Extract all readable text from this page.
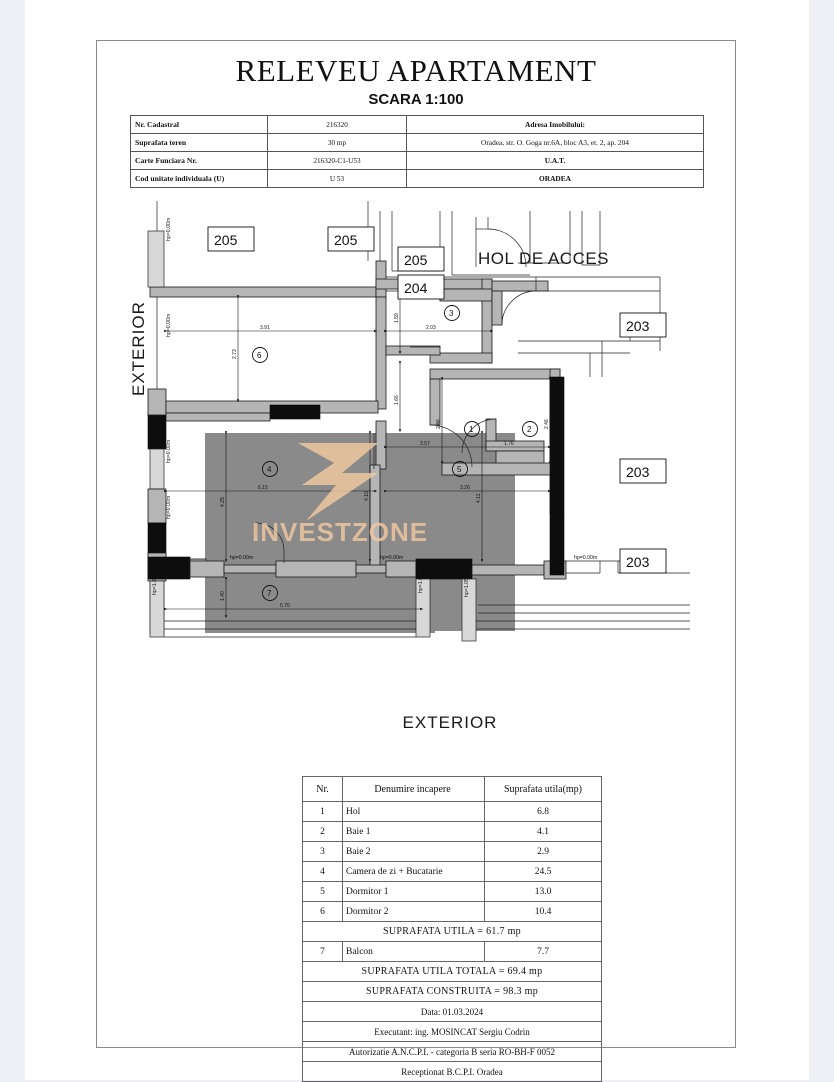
RELEVEU APARTAMENT
SCARA 1:100
Nr. Cadastral	216320	Adresa Imobilului:
Suprafata teren	30 mp	Oradea, str. O. Goga nr.6A, bloc A3, et. 2, ap. 204
Carte Funciara Nr.	216320-C1-U53	U.A.T.
Cod unitate individuala (U)	U 53	ORADEA
EXTERIOR
EXTERIOR
3.91	2.03
1.59
2.73
1.66
2.46	2.46
3.57	1.76
4.25
6.15
4.10
3.26
4.11
1.40
5.70
hp=0.00m
hp=0.00m
hp=0.00m
hp=0.00m
hp=1.05m	hp=1.05m	hp=1.05m
hp=0.00m	hp=0.00m	hp=0.00m
1	2
3
4	5
6
7
205	205
205
204
203
203
203
HOL DE ACCES
INVESTZONE
Nr.	Denumire incapere	Suprafata utila(mp)
1	Hol	6.8
2	Baie 1	4.1
3	Baie 2	2.9
4	Camera de zi + Bucatarie	24.5
5	Dormitor 1	13.0
6	Dormitor 2	10.4
SUPRAFATA UTILA = 61.7 mp		
7	Balcon	7.7
SUPRAFATA UTILA TOTALA = 69.4 mp		
SUPRAFATA CONSTRUITA = 98.3 mp		
Data: 01.03.2024		
Executant: ing. MOSINCAT Sergiu Codrin		
Autorizatie A.N.C.P.I. - categoria B seria RO-BH-F 0052		
Receptionat B.C.P.I. Oradea		
